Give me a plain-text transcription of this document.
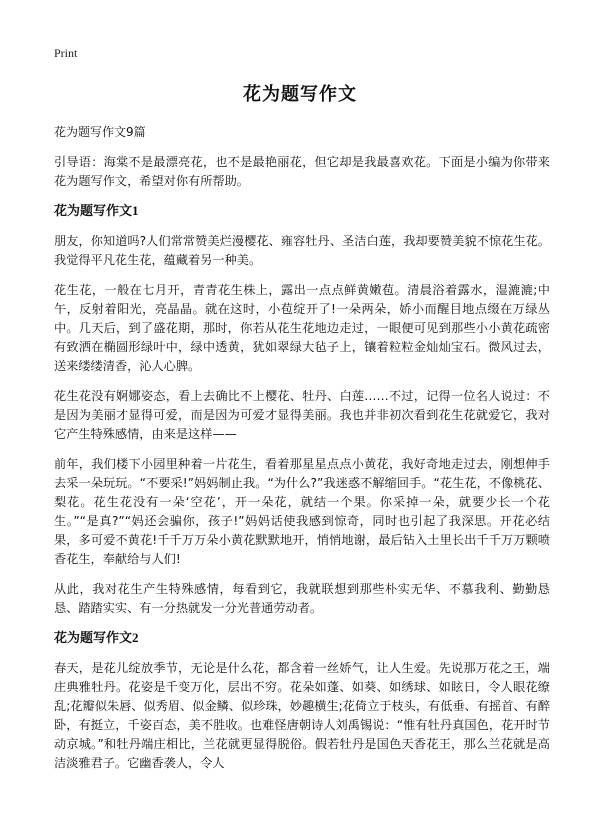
Print
花为题写作文

花为题写作文9篇

引导语：海棠不是最漂亮花，也不是最艳丽花，但它却是我最喜欢花。下面是小编为你带来花为题写作文，希望对你有所帮助。

花为题写作文1

朋友，你知道吗?人们常常赞美烂漫樱花、雍容牡丹、圣洁白莲，我却要赞美貌不惊花生花。我觉得平凡花生花，蕴藏着另一种美。

花生花，一般在七月开，青青花生株上，露出一点点鲜黄嫩苞。清晨浴着露水，湿漉漉;中午，反射着阳光，亮晶晶。就在这时，小苞绽开了!一朵两朵，娇小而醒目地点缀在万绿丛中。几天后，到了盛花期，那时，你若从花生花地边走过，一眼便可见到那些小小黄花疏密有致洒在椭圆形绿叶中，绿中透黄，犹如翠绿大毡子上，镶着粒粒金灿灿宝石。微风过去，送来缕缕清香，沁人心脾。

花生花没有婀娜姿态，看上去确比不上樱花、牡丹、白莲……不过，记得一位名人说过：不是因为美丽才显得可爱，而是因为可爱才显得美丽。我也并非初次看到花生花就爱它，我对它产生特殊感情，由来是这样——

前年，我们楼下小园里种着一片花生，看着那星星点点小黄花，我好奇地走过去，刚想伸手去采一朵玩玩。“不要采!”妈妈制止我。“为什么?”我迷惑不解缩回手。“花生花，不像桃花、梨花。花生花没有一朵‘空花’，开一朵花，就结一个果。你采掉一朵，就要少长一个花生。”“是真?”“妈还会骗你，孩子!”妈妈话使我感到惊奇，同时也引起了我深思。开花必结果，多可爱不黄花!千千万万朵小黄花默默地开，悄悄地谢，最后钻入土里长出千千万万颗喷香花生，奉献给与人们!

从此，我对花生产生特殊感情，每看到它，我就联想到那些朴实无华、不慕我利、勤勤恳恳、踏踏实实、有一分热就发一分光普通劳动者。

花为题写作文2

春天，是花儿绽放季节，无论是什么花，都含着一丝娇气，让人生爱。先说那万花之王，端庄典雅牡丹。花姿是千变万化，层出不穷。花朵如蓬、如葵、如绣球、如眩日，令人眼花缭乱;花瓣似朱唇、似秀眉、似金鳞、似珍珠，妙趣横生;花倚立于枝头，有低垂、有摇首、有醉卧，有挺立，千姿百态，美不胜收。也难怪唐朝诗人刘禹锡说：“惟有牡丹真国色，花开时节动京城。”和牡丹端庄相比，兰花就更显得脱俗。假若牡丹是国色天香花王，那么兰花就是高洁淡雅君子。它幽香袭人，令人
